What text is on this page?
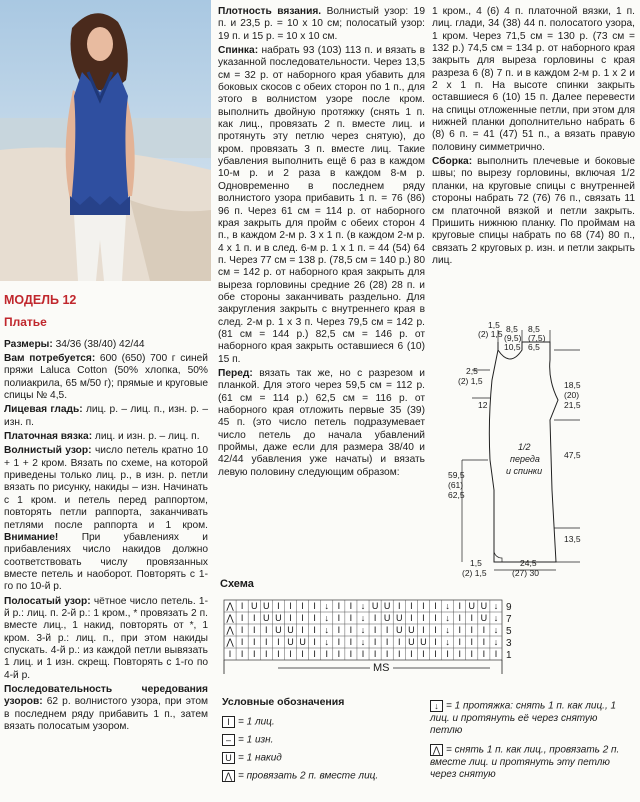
МОДЕЛЬ 12

Платье

Размеры: 34/36 (38/40) 42/44

Вам потребуется: 600 (650) 700 г синей пряжи Laluca Cotton (50% хлопка, 50% полиакрила, 65 м/50 г); прямые и круговые спицы № 4,5.

Лицевая гладь: лиц. р. – лиц. п., изн. р. – изн. п.

Платочная вязка: лиц. и изн. р. – лиц. п.

Волнистый узор: число петель кратно 10 + 1 + 2 кром. Вязать по схеме, на которой приведены только лиц. р., в изн. р. петли вязать по рисунку, накиды – изн. Начинать с 1 кром. и петель перед раппортом, повторять петли раппорта, заканчивать петлями после раппорта и 1 кром. Внимание! При убавлениях и прибавлениях число накидов должно соответствовать числу провязанных вместе петель и наоборот. Повторять с 1-го по 10-й р.

Полосатый узор: чётное число петель. 1-й р.: лиц. п. 2-й р.: 1 кром., * провязать 2 п. вместе лиц., 1 накид, повторять от *, 1 кром. 3-й р.: лиц. п., при этом накиды спускать. 4-й р.: из каждой петли вывязать 1 лиц. и 1 изн. скрещ. Повторять с 1-го по 4-й р.

Последовательность чередования узоров: 62 р. волнистого узора, при этом в последнем ряду прибавить 1 п., затем вязать полосатым узором.

Плотность вязания. Волнистый узор: 19 п. и 23,5 р. = 10 х 10 см; полосатый узор: 19 п. и 15 р. = 10 х 10 см.

Спинка: набрать 93 (103) 113 п. и вязать в указанной последовательности. Через 13,5 см = 32 р. от наборного края убавить для боковых скосов с обеих сторон по 1 п., для этого в волнистом узоре после кром. выполнить двойную протяжку (снять 1 п. как лиц., провязать 2 п. вместе лиц. и протянуть эту петлю через снятую), до кром. провязать 3 п. вместе лиц. Такие убавления выполнить ещё 6 раз в каждом 10-м р. и 2 раза в каждом 8-м р. Одновременно в последнем ряду волнистого узора прибавить 1 п. = 76 (86) 96 п. Через 61 см = 114 р. от наборного края закрыть для пройм с обеих сторон 4 п., в каждом 2-м р. 3 х 1 п. (в каждом 2-м р. 4 х 1 п. и в след. 6-м р. 1 х 1 п. = 44 (54) 64 п. Через 77 см = 138 р. (78,5 см = 140 р.) 80 см = 142 р. от наборного края закрыть для выреза горловины средние 26 (28) 28 п. и обе стороны заканчивать раздельно. Для закругления закрыть с внутреннего края в след. 2-м р. 1 х 3 п. Через 79,5 см = 142 р. (81 см = 144 р.) 82,5 см = 146 р. от наборного края закрыть оставшиеся 6 (10) 15 п.

Перед: вязать так же, но с разрезом и планкой. Для этого через 59,5 см = 112 р. (61 см = 114 р.) 62,5 см = 116 р. от наборного края отложить первые 35 (39) 45 п. (это число петель подразумевает число петель до начала убавлений проймы, даже если для размера 38/40 и 42/44 убавления уже начаты) и вязать левую половину следующим образом:

1 кром., 4 (6) 4 п. платочной вязки, 1 п. лиц. глади, 34 (38) 44 п. полосатого узора, 1 кром. Через 71,5 см = 130 р. (73 см = 132 р.) 74,5 см = 134 р. от наборного края закрыть для выреза горловины с края разреза 6 (8) 7 п. и в каждом 2-м р. 1 х 2 и 2 х 1 п. На высоте спинки закрыть оставшиеся 6 (10) 15 п. Далее перевести на спицы отложенные петли, при этом для нижней планки дополнительно набрать 6 (8) 6 п. = 41 (47) 51 п., а вязать правую половину симметрично.

Сборка: выполнить плечевые и боковые швы; по вырезу горловины, включая 1/2 планки, на круговые спицы с внутренней стороны набрать 72 (76) 76 п., связать 11 см платочной вязкой и петли закрыть. Пришить нижнюю планку. По проймам на круговые спицы набрать по 68 (74) 80 п., связать 2 круговых р. изн. и петли закрыть лиц.

1,5
(2) 1,5 8,5
(9,5)
10,5
8,5
(7,5)
6,5
2,5
(2) 1,5
12
18,5
(20)
21,5
1/2
переда
и спинки
47,5
59,5
(61)
62,5
13,5
24,5
(27) 30
1,5
(2) 1,5
Схема
⋀ I U U I I I I ↓ I I ↓ U U I I I I ↓ I U U ↓
⋀ I I U U I I I ↓ I I ↓ I U U I I I ↓ I I U ↓
⋀ I I I U U I I ↓ I I ↓ I I U U I I ↓ I I I ↓
⋀ I I I I U U I ↓ I I ↓ I I I U U I ↓ I I I ↓
I I I I I I I I I I I I I I I I I I I I I I I
9
7
5
3
1
MS
Условные обозначения
I = 1 лиц.
– = 1 изн.
U = 1 накид
⋀ = провязать 2 п. вместе лиц.
↓ = 1 протяжка: снять 1 п. как лиц., 1 лиц. и протянуть её через снятую петлю
⋀ = снять 1 п. как лиц., провязать 2 п. вместе лиц. и протянуть эту петлю через снятую
